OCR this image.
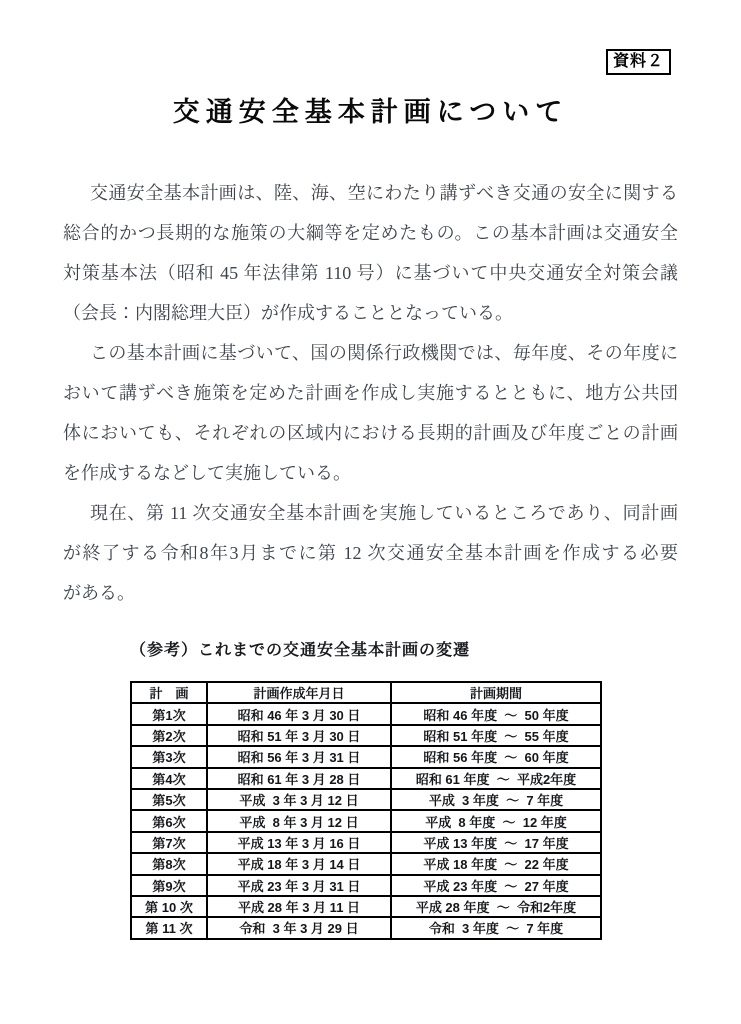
資料２
交通安全基本計画について
交通安全基本計画は、陸、海、空にわたり講ずべき交通の安全に関する
総合的かつ長期的な施策の大綱等を定めたもの。この基本計画は交通安全
対策基本法（昭和 45 年法律第 110 号）に基づいて中央交通安全対策会議
（会長：内閣総理大臣）が作成することとなっている。
この基本計画に基づいて、国の関係行政機関では、毎年度、その年度に
おいて講ずべき施策を定めた計画を作成し実施するとともに、地方公共団
体においても、それぞれの区域内における長期的計画及び年度ごとの計画
を作成するなどして実施している。
現在、第 11 次交通安全基本計画を実施しているところであり、同計画
が終了する令和8年3月までに第 12 次交通安全基本計画を作成する必要
がある。
（参考）これまでの交通安全基本計画の変遷
計　画	計画作成年月日	計画期間
第1次	昭和 46 年 3 月 30 日	昭和 46 年度  ～  50 年度
第2次	昭和 51 年 3 月 30 日	昭和 51 年度  ～  55 年度
第3次	昭和 56 年 3 月 31 日	昭和 56 年度  ～  60 年度
第4次	昭和 61 年 3 月 28 日	昭和 61 年度  ～  平成2年度
第5次	平成  3 年 3 月 12 日	平成  3 年度  ～  7 年度
第6次	平成  8 年 3 月 12 日	平成  8 年度  ～  12 年度
第7次	平成 13 年 3 月 16 日	平成 13 年度  ～  17 年度
第8次	平成 18 年 3 月 14 日	平成 18 年度  ～  22 年度
第9次	平成 23 年 3 月 31 日	平成 23 年度  ～  27 年度
第 10 次	平成 28 年 3 月 11 日	平成 28 年度  ～  令和2年度
第 11 次	令和  3 年 3 月 29 日	令和  3 年度  ～  7 年度
